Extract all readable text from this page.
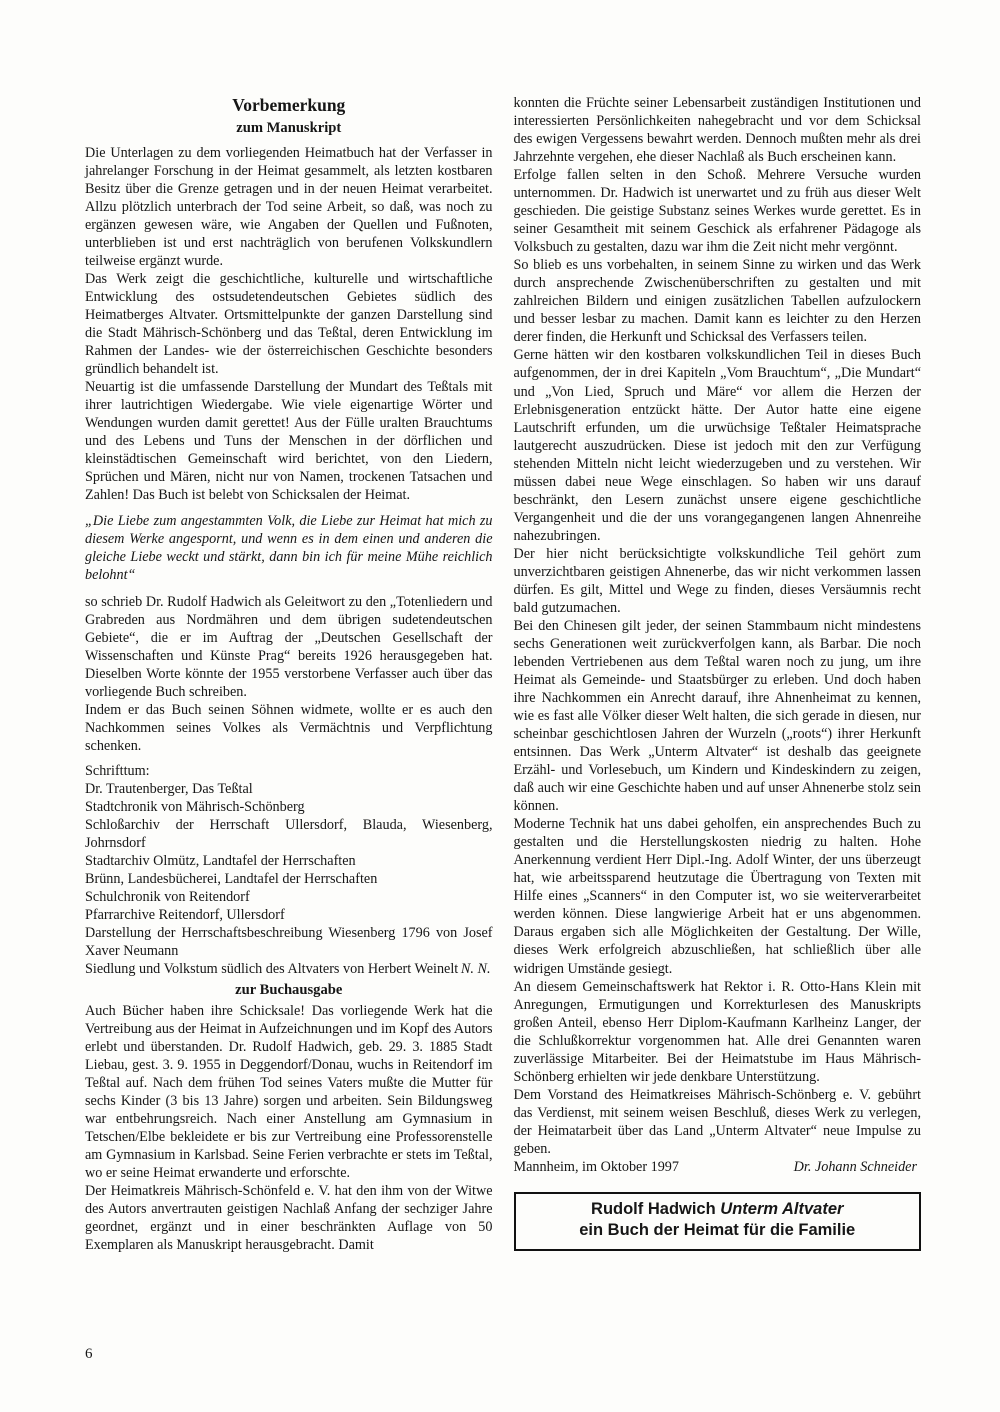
Vorbemerkung
zum Manuskript

Die Unterlagen zu dem vorliegenden Heimatbuch hat der Verfasser in jahrelanger Forschung in der Heimat gesammelt, als letzten kostbaren Besitz über die Grenze getragen und in der neuen Heimat verarbeitet. Allzu plötzlich unterbrach der Tod seine Arbeit, so daß, was noch zu ergänzen gewesen wäre, wie Angaben der Quellen und Fußnoten, unterblieben ist und erst nachträglich von berufenen Volkskundlern teilweise ergänzt wurde.

Das Werk zeigt die geschichtliche, kulturelle und wirtschaftliche Entwicklung des ostsudetendeutschen Gebietes südlich des Heimatberges Altvater. Ortsmittelpunkte der ganzen Darstellung sind die Stadt Mährisch-Schönberg und das Teßtal, deren Entwicklung im Rahmen der Landes- wie der österreichischen Geschichte besonders gründlich behandelt ist.

Neuartig ist die umfassende Darstellung der Mundart des Teßtals mit ihrer lautrichtigen Wiedergabe. Wie viele eigenartige Wörter und Wendungen wurden damit gerettet! Aus der Fülle uralten Brauchtums und des Lebens und Tuns der Menschen in der dörflichen und kleinstädtischen Gemeinschaft wird berichtet, von den Liedern, Sprüchen und Mären, nicht nur von Namen, trockenen Tatsachen und Zahlen! Das Buch ist belebt von Schicksalen der Heimat.

„Die Liebe zum angestammten Volk, die Liebe zur Heimat hat mich zu diesem Werke angespornt, und wenn es in dem einen und anderen die gleiche Liebe weckt und stärkt, dann bin ich für meine Mühe reichlich belohnt“

so schrieb Dr. Rudolf Hadwich als Geleitwort zu den „Totenliedern und Grabreden aus Nordmähren und dem übrigen sudetendeutschen Gebiete“, die er im Auftrag der „Deutschen Gesellschaft der Wissenschaften und Künste Prag“ bereits 1926 herausgegeben hat. Dieselben Worte könnte der 1955 verstorbene Verfasser auch über das vorliegende Buch schreiben.

Indem er das Buch seinen Söhnen widmete, wollte er es auch den Nachkommen seines Volkes als Vermächtnis und Verpflichtung schenken.

Schrifttum:

Dr. Trautenberger, Das Teßtal

Stadtchronik von Mährisch-Schönberg

Schloßarchiv der Herrschaft Ullersdorf, Blauda, Wiesenberg, Johrnsdorf

Stadtarchiv Olmütz, Landtafel der Herrschaften

Brünn, Landesbücherei, Landtafel der Herrschaften

Schulchronik von Reitendorf

Pfarrarchive Reitendorf, Ullersdorf

Darstellung der Herrschaftsbeschreibung Wiesenberg 1796 von Josef Xaver Neumann

Siedlung und Volkstum südlich des Altvaters von Herbert Weinelt N. N.

zur Buchausgabe

Auch Bücher haben ihre Schicksale! Das vorliegende Werk hat die Vertreibung aus der Heimat in Aufzeichnungen und im Kopf des Autors erlebt und überstanden. Dr. Rudolf Hadwich, geb. 29. 3. 1885 Stadt Liebau, gest. 3. 9. 1955 in Deggendorf/Donau, wuchs in Reitendorf im Teßtal auf. Nach dem frühen Tod seines Vaters mußte die Mutter für sechs Kinder (3 bis 13 Jahre) sorgen und arbeiten. Sein Bildungsweg war entbehrungsreich. Nach einer Anstellung am Gymnasium in Tetschen/Elbe bekleidete er bis zur Vertreibung eine Professorenstelle am Gymnasium in Karlsbad. Seine Ferien verbrachte er stets im Teßtal, wo er seine Heimat erwanderte und erforschte.

Der Heimatkreis Mährisch-Schönfeld e. V. hat den ihm von der Witwe des Autors anvertrauten geistigen Nachlaß Anfang der sechziger Jahre geordnet, ergänzt und in einer beschränkten Auflage von 50 Exemplaren als Manuskript herausgebracht. Damit

konnten die Früchte seiner Lebensarbeit zuständigen Institutionen und interessierten Persönlichkeiten nahegebracht und vor dem Schicksal des ewigen Vergessens bewahrt werden. Dennoch mußten mehr als drei Jahrzehnte vergehen, ehe dieser Nachlaß als Buch erscheinen kann.

Erfolge fallen selten in den Schoß. Mehrere Versuche wurden unternommen. Dr. Hadwich ist unerwartet und zu früh aus dieser Welt geschieden. Die geistige Substanz seines Werkes wurde gerettet. Es in seiner Gesamtheit mit seinem Geschick als erfahrener Pädagoge als Volksbuch zu gestalten, dazu war ihm die Zeit nicht mehr vergönnt.

So blieb es uns vorbehalten, in seinem Sinne zu wirken und das Werk durch ansprechende Zwischenüberschriften zu gestalten und mit zahlreichen Bildern und einigen zusätzlichen Tabellen aufzulockern und besser lesbar zu machen. Damit kann es leichter zu den Herzen derer finden, die Herkunft und Schicksal des Verfassers teilen.

Gerne hätten wir den kostbaren volkskundlichen Teil in dieses Buch aufgenommen, der in drei Kapiteln „Vom Brauchtum“, „Die Mundart“ und „Von Lied, Spruch und Märe“ vor allem die Herzen der Erlebnisgeneration entzückt hätte. Der Autor hatte eine eigene Lautschrift erfunden, um die urwüchsige Teßtaler Heimatsprache lautgerecht auszudrücken. Diese ist jedoch mit den zur Verfügung stehenden Mitteln nicht leicht wiederzugeben und zu verstehen. Wir müssen dabei neue Wege einschlagen. So haben wir uns darauf beschränkt, den Lesern zunächst unsere eigene geschichtliche Vergangenheit und die der uns vorangegangenen langen Ahnenreihe nahezubringen.

Der hier nicht berücksichtigte volkskundliche Teil gehört zum unverzichtbaren geistigen Ahnenerbe, das wir nicht verkommen lassen dürfen. Es gilt, Mittel und Wege zu finden, dieses Versäumnis recht bald gutzumachen.

Bei den Chinesen gilt jeder, der seinen Stammbaum nicht mindestens sechs Generationen weit zurückverfolgen kann, als Barbar. Die noch lebenden Vertriebenen aus dem Teßtal waren noch zu jung, um ihre Heimat als Gemeinde- und Staatsbürger zu erleben. Und doch haben ihre Nachkommen ein Anrecht darauf, ihre Ahnenheimat zu kennen, wie es fast alle Völker dieser Welt halten, die sich gerade in diesen, nur scheinbar geschichtlosen Jahren der Wurzeln („roots“) ihrer Herkunft entsinnen. Das Werk „Unterm Altvater“ ist deshalb das geeignete Erzähl- und Vorlesebuch, um Kindern und Kindeskindern zu zeigen, daß auch wir eine Geschichte haben und auf unser Ahnenerbe stolz sein können.

Moderne Technik hat uns dabei geholfen, ein ansprechendes Buch zu gestalten und die Herstellungskosten niedrig zu halten. Hohe Anerkennung verdient Herr Dipl.-Ing. Adolf Winter, der uns überzeugt hat, wie arbeitssparend heutzutage die Übertragung von Texten mit Hilfe eines „Scanners“ in den Computer ist, wo sie weiterverarbeitet werden können. Diese langwierige Arbeit hat er uns abgenommen. Daraus ergaben sich alle Möglichkeiten der Gestaltung. Der Wille, dieses Werk erfolgreich abzuschließen, hat schließlich über alle widrigen Umstände gesiegt.

An diesem Gemeinschaftswerk hat Rektor i. R. Otto-Hans Klein mit Anregungen, Ermutigungen und Korrekturlesen des Manuskripts großen Anteil, ebenso Herr Diplom-Kaufmann Karlheinz Langer, der die Schlußkorrektur vorgenommen hat. Alle drei Genannten waren zuverlässige Mitarbeiter. Bei der Heimatstube im Haus Mährisch-Schönberg erhielten wir jede denkbare Unterstützung.

Dem Vorstand des Heimatkreises Mährisch-Schönberg e. V. gebührt das Verdienst, mit seinem weisen Beschluß, dieses Werk zu verlegen, der Heimatarbeit über das Land „Unterm Altvater“ neue Impulse zu geben.

Mannheim, im Oktober 1997	Dr. Johann Schneider
Rudolf Hadwich Unterm Altvater
ein Buch der Heimat für die Familie
6
